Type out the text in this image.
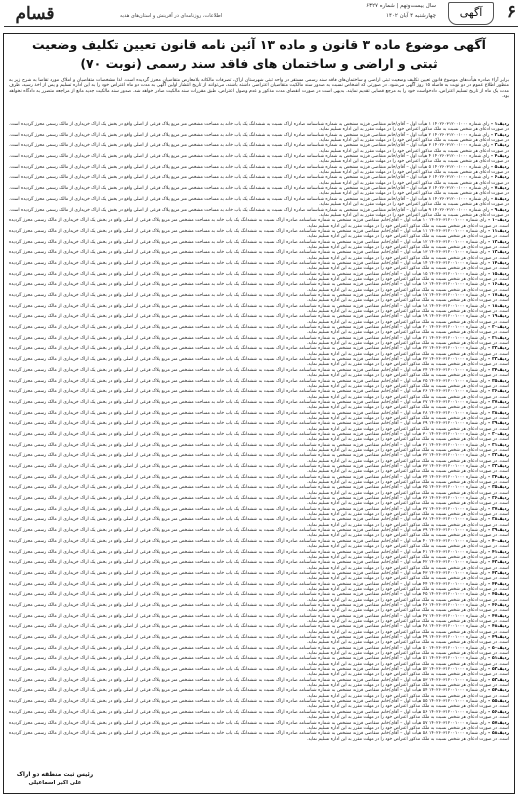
۶
آگهی
سال بیست‌ونهم | شماره ۶۳۲۷
چهارشنبه ۴ آبان ۱۴۰۲
قسام	اطلاعات، روزنامه‌ای در آفرینش و استان‌های هدیه
آگهی موضوع ماده ۳ قانون و ماده ۱۳ آئین نامه قانون تعیین تکلیف وضعیت
ثبتی و اراضی و ساختمان های فاقد سند رسمی (نوبت ۷۰)
برابر آراء صادره هیأت‌های موضوع قانون تعیین تکلیف وضعیت ثبتی اراضی و ساختمان‌های فاقد سند رسمی مستقر در واحد ثبتی شهرستان اراک، تصرفات مالکانه بلامعارض متقاضیان محرز گردیده است. لذا مشخصات متقاضیان و املاک مورد تقاضا به شرح زیر به منظور اطلاع عموم در دو نوبت به فاصله ۱۵ روز آگهی می‌شود. در صورتی که اشخاص نسبت به صدور سند مالکیت متقاضیان اعتراضی داشته باشند، می‌توانند از تاریخ انتشار اولین آگهی به مدت دو ماه اعتراض خود را به این اداره تسلیم و پس از اخذ رسید، ظرف مدت یک ماه از تاریخ تسلیم اعتراض، دادخواست خود را به مرجع قضایی تقدیم نمایند. بدیهی است در صورت انقضای مدت مذکور و عدم وصول اعتراض، طبق مقررات سند مالکیت صادر خواهد شد. صدور سند مالکیت جدید مانع از مراجعه متضرر به دادگاه نخواهد بود.

ردیف۱ – رای شماره ۱۴۰۲۶۰۳۱۲۰۰۱۰۰۰ ۱ هیأت اول – آقای/خانم متقاضی فرزند مشخص به شماره شناسنامه صادره اراک نسبت به ششدانگ یک باب خانه به مساحت مشخص متر مربع پلاک فرعی از اصلی واقع در بخش یک اراک خریداری از مالک رسمی محرز گردیده است. در صورت ادعای هر شخص نسبت به ملک مذکور اعتراض خود را در مهلت مقرر به این اداره تسلیم نماید.

ردیف۲ – رای شماره ۱۴۰۲۶۰۳۱۲۰۰۱۰۰۰ ۲ هیأت اول – آقای/خانم متقاضی فرزند مشخص به شماره شناسنامه صادره اراک نسبت به ششدانگ یک باب خانه به مساحت مشخص متر مربع پلاک فرعی از اصلی واقع در بخش یک اراک خریداری از مالک رسمی محرز گردیده است. در صورت ادعای هر شخص نسبت به ملک مذکور اعتراض خود را در مهلت مقرر به این اداره تسلیم نماید.

ردیف۳ – رای شماره ۱۴۰۲۶۰۳۱۲۰۰۱۰۰۰ ۳ هیأت اول – آقای/خانم متقاضی فرزند مشخص به شماره شناسنامه صادره اراک نسبت به ششدانگ یک باب خانه به مساحت مشخص متر مربع پلاک فرعی از اصلی واقع در بخش یک اراک خریداری از مالک رسمی محرز گردیده است. در صورت ادعای هر شخص نسبت به ملک مذکور اعتراض خود را در مهلت مقرر به این اداره تسلیم نماید.

ردیف۴ – رای شماره ۱۴۰۲۶۰۳۱۲۰۰۱۰۰۰ ۴ هیأت اول – آقای/خانم متقاضی فرزند مشخص به شماره شناسنامه صادره اراک نسبت به ششدانگ یک باب خانه به مساحت مشخص متر مربع پلاک فرعی از اصلی واقع در بخش یک اراک خریداری از مالک رسمی محرز گردیده است. در صورت ادعای هر شخص نسبت به ملک مذکور اعتراض خود را در مهلت مقرر به این اداره تسلیم نماید.

ردیف۵ – رای شماره ۱۴۰۲۶۰۳۱۲۰۰۱۰۰۰ ۵ هیأت اول – آقای/خانم متقاضی فرزند مشخص به شماره شناسنامه صادره اراک نسبت به ششدانگ یک باب خانه به مساحت مشخص متر مربع پلاک فرعی از اصلی واقع در بخش یک اراک خریداری از مالک رسمی محرز گردیده است. در صورت ادعای هر شخص نسبت به ملک مذکور اعتراض خود را در مهلت مقرر به این اداره تسلیم نماید.

ردیف۶ – رای شماره ۱۴۰۲۶۰۳۱۲۰۰۱۰۰۰ ۶ هیأت اول – آقای/خانم متقاضی فرزند مشخص به شماره شناسنامه صادره اراک نسبت به ششدانگ یک باب خانه به مساحت مشخص متر مربع پلاک فرعی از اصلی واقع در بخش یک اراک خریداری از مالک رسمی محرز گردیده است. در صورت ادعای هر شخص نسبت به ملک مذکور اعتراض خود را در مهلت مقرر به این اداره تسلیم نماید.

ردیف۷ – رای شماره ۱۴۰۲۶۰۳۱۲۰۰۱۰۰۰ ۷ هیأت اول – آقای/خانم متقاضی فرزند مشخص به شماره شناسنامه صادره اراک نسبت به ششدانگ یک باب خانه به مساحت مشخص متر مربع پلاک فرعی از اصلی واقع در بخش یک اراک خریداری از مالک رسمی محرز گردیده است. در صورت ادعای هر شخص نسبت به ملک مذکور اعتراض خود را در مهلت مقرر به این اداره تسلیم نماید.

ردیف۸ – رای شماره ۱۴۰۲۶۰۳۱۲۰۰۱۰۰۰ ۸ هیأت اول – آقای/خانم متقاضی فرزند مشخص به شماره شناسنامه صادره اراک نسبت به ششدانگ یک باب خانه به مساحت مشخص متر مربع پلاک فرعی از اصلی واقع در بخش یک اراک خریداری از مالک رسمی محرز گردیده است. در صورت ادعای هر شخص نسبت به ملک مذکور اعتراض خود را در مهلت مقرر به این اداره تسلیم نماید.

ردیف۹ – رای شماره ۱۴۰۲۶۰۳۱۲۰۰۱۰۰۰ ۹ هیأت اول – آقای/خانم متقاضی فرزند مشخص به شماره شناسنامه صادره اراک نسبت به ششدانگ یک باب خانه به مساحت مشخص متر مربع پلاک فرعی از اصلی واقع در بخش یک اراک خریداری از مالک رسمی محرز گردیده است. در صورت ادعای هر شخص نسبت به ملک مذکور اعتراض خود را در مهلت مقرر به این اداره تسلیم نماید.

ردیف۱۰ – رای شماره ۱۴۰۲۶۰۳۱۲۰۰۱۰۰۰ ۱۰ هیأت اول – آقای/خانم متقاضی فرزند مشخص به شماره شناسنامه صادره اراک نسبت به ششدانگ یک باب خانه به مساحت مشخص متر مربع پلاک فرعی از اصلی واقع در بخش یک اراک خریداری از مالک رسمی محرز گردیده است. در صورت ادعای هر شخص نسبت به ملک مذکور اعتراض خود را در مهلت مقرر به این اداره تسلیم نماید.

ردیف۱۱ – رای شماره ۱۴۰۲۶۰۳۱۲۰۰۱۰۰۰ ۱۱ هیأت اول – آقای/خانم متقاضی فرزند مشخص به شماره شناسنامه صادره اراک نسبت به ششدانگ یک باب خانه به مساحت مشخص متر مربع پلاک فرعی از اصلی واقع در بخش یک اراک خریداری از مالک رسمی محرز گردیده است. در صورت ادعای هر شخص نسبت به ملک مذکور اعتراض خود را در مهلت مقرر به این اداره تسلیم نماید.

ردیف۱۲ – رای شماره ۱۴۰۲۶۰۳۱۲۰۰۱۰۰۰ ۱۲ هیأت اول – آقای/خانم متقاضی فرزند مشخص به شماره شناسنامه صادره اراک نسبت به ششدانگ یک باب خانه به مساحت مشخص متر مربع پلاک فرعی از اصلی واقع در بخش یک اراک خریداری از مالک رسمی محرز گردیده است. در صورت ادعای هر شخص نسبت به ملک مذکور اعتراض خود را در مهلت مقرر به این اداره تسلیم نماید.

ردیف۱۳ – رای شماره ۱۴۰۲۶۰۳۱۲۰۰۱۰۰۰ ۱۳ هیأت اول – آقای/خانم متقاضی فرزند مشخص به شماره شناسنامه صادره اراک نسبت به ششدانگ یک باب خانه به مساحت مشخص متر مربع پلاک فرعی از اصلی واقع در بخش یک اراک خریداری از مالک رسمی محرز گردیده است. در صورت ادعای هر شخص نسبت به ملک مذکور اعتراض خود را در مهلت مقرر به این اداره تسلیم نماید.

ردیف۱۴ – رای شماره ۱۴۰۲۶۰۳۱۲۰۰۱۰۰۰ ۱۴ هیأت اول – آقای/خانم متقاضی فرزند مشخص به شماره شناسنامه صادره اراک نسبت به ششدانگ یک باب خانه به مساحت مشخص متر مربع پلاک فرعی از اصلی واقع در بخش یک اراک خریداری از مالک رسمی محرز گردیده است. در صورت ادعای هر شخص نسبت به ملک مذکور اعتراض خود را در مهلت مقرر به این اداره تسلیم نماید.

ردیف۱۵ – رای شماره ۱۴۰۲۶۰۳۱۲۰۰۱۰۰۰ ۱۵ هیأت اول – آقای/خانم متقاضی فرزند مشخص به شماره شناسنامه صادره اراک نسبت به ششدانگ یک باب خانه به مساحت مشخص متر مربع پلاک فرعی از اصلی واقع در بخش یک اراک خریداری از مالک رسمی محرز گردیده است. در صورت ادعای هر شخص نسبت به ملک مذکور اعتراض خود را در مهلت مقرر به این اداره تسلیم نماید.

ردیف۱۶ – رای شماره ۱۴۰۲۶۰۳۱۲۰۰۱۰۰۰ ۱۶ هیأت اول – آقای/خانم متقاضی فرزند مشخص به شماره شناسنامه صادره اراک نسبت به ششدانگ یک باب خانه به مساحت مشخص متر مربع پلاک فرعی از اصلی واقع در بخش یک اراک خریداری از مالک رسمی محرز گردیده است. در صورت ادعای هر شخص نسبت به ملک مذکور اعتراض خود را در مهلت مقرر به این اداره تسلیم نماید.

ردیف۱۷ – رای شماره ۱۴۰۲۶۰۳۱۲۰۰۱۰۰۰ ۱۷ هیأت اول – آقای/خانم متقاضی فرزند مشخص به شماره شناسنامه صادره اراک نسبت به ششدانگ یک باب خانه به مساحت مشخص متر مربع پلاک فرعی از اصلی واقع در بخش یک اراک خریداری از مالک رسمی محرز گردیده است. در صورت ادعای هر شخص نسبت به ملک مذکور اعتراض خود را در مهلت مقرر به این اداره تسلیم نماید.

ردیف۱۸ – رای شماره ۱۴۰۲۶۰۳۱۲۰۰۱۰۰۰ ۱۸ هیأت اول – آقای/خانم متقاضی فرزند مشخص به شماره شناسنامه صادره اراک نسبت به ششدانگ یک باب خانه به مساحت مشخص متر مربع پلاک فرعی از اصلی واقع در بخش یک اراک خریداری از مالک رسمی محرز گردیده است. در صورت ادعای هر شخص نسبت به ملک مذکور اعتراض خود را در مهلت مقرر به این اداره تسلیم نماید.

ردیف۱۹ – رای شماره ۱۴۰۲۶۰۳۱۲۰۰۱۰۰۰ ۱۹ هیأت اول – آقای/خانم متقاضی فرزند مشخص به شماره شناسنامه صادره اراک نسبت به ششدانگ یک باب خانه به مساحت مشخص متر مربع پلاک فرعی از اصلی واقع در بخش یک اراک خریداری از مالک رسمی محرز گردیده است. در صورت ادعای هر شخص نسبت به ملک مذکور اعتراض خود را در مهلت مقرر به این اداره تسلیم نماید.

ردیف۲۰ – رای شماره ۱۴۰۲۶۰۳۱۲۰۰۱۰۰۰ ۲۰ هیأت اول – آقای/خانم متقاضی فرزند مشخص به شماره شناسنامه صادره اراک نسبت به ششدانگ یک باب خانه به مساحت مشخص متر مربع پلاک فرعی از اصلی واقع در بخش یک اراک خریداری از مالک رسمی محرز گردیده است. در صورت ادعای هر شخص نسبت به ملک مذکور اعتراض خود را در مهلت مقرر به این اداره تسلیم نماید.

ردیف۲۱ – رای شماره ۱۴۰۲۶۰۳۱۲۰۰۱۰۰۰ ۲۱ هیأت اول – آقای/خانم متقاضی فرزند مشخص به شماره شناسنامه صادره اراک نسبت به ششدانگ یک باب خانه به مساحت مشخص متر مربع پلاک فرعی از اصلی واقع در بخش یک اراک خریداری از مالک رسمی محرز گردیده است. در صورت ادعای هر شخص نسبت به ملک مذکور اعتراض خود را در مهلت مقرر به این اداره تسلیم نماید.

ردیف۲۲ – رای شماره ۱۴۰۲۶۰۳۱۲۰۰۱۰۰۰ ۲۲ هیأت اول – آقای/خانم متقاضی فرزند مشخص به شماره شناسنامه صادره اراک نسبت به ششدانگ یک باب خانه به مساحت مشخص متر مربع پلاک فرعی از اصلی واقع در بخش یک اراک خریداری از مالک رسمی محرز گردیده است. در صورت ادعای هر شخص نسبت به ملک مذکور اعتراض خود را در مهلت مقرر به این اداره تسلیم نماید.

ردیف۲۳ – رای شماره ۱۴۰۲۶۰۳۱۲۰۰۱۰۰۰ ۲۳ هیأت اول – آقای/خانم متقاضی فرزند مشخص به شماره شناسنامه صادره اراک نسبت به ششدانگ یک باب خانه به مساحت مشخص متر مربع پلاک فرعی از اصلی واقع در بخش یک اراک خریداری از مالک رسمی محرز گردیده است. در صورت ادعای هر شخص نسبت به ملک مذکور اعتراض خود را در مهلت مقرر به این اداره تسلیم نماید.

ردیف۲۴ – رای شماره ۱۴۰۲۶۰۳۱۲۰۰۱۰۰۰ ۲۴ هیأت اول – آقای/خانم متقاضی فرزند مشخص به شماره شناسنامه صادره اراک نسبت به ششدانگ یک باب خانه به مساحت مشخص متر مربع پلاک فرعی از اصلی واقع در بخش یک اراک خریداری از مالک رسمی محرز گردیده است. در صورت ادعای هر شخص نسبت به ملک مذکور اعتراض خود را در مهلت مقرر به این اداره تسلیم نماید.

ردیف۲۵ – رای شماره ۱۴۰۲۶۰۳۱۲۰۰۱۰۰۰ ۲۵ هیأت اول – آقای/خانم متقاضی فرزند مشخص به شماره شناسنامه صادره اراک نسبت به ششدانگ یک باب خانه به مساحت مشخص متر مربع پلاک فرعی از اصلی واقع در بخش یک اراک خریداری از مالک رسمی محرز گردیده است. در صورت ادعای هر شخص نسبت به ملک مذکور اعتراض خود را در مهلت مقرر به این اداره تسلیم نماید.

ردیف۲۶ – رای شماره ۱۴۰۲۶۰۳۱۲۰۰۱۰۰۰ ۲۶ هیأت اول – آقای/خانم متقاضی فرزند مشخص به شماره شناسنامه صادره اراک نسبت به ششدانگ یک باب خانه به مساحت مشخص متر مربع پلاک فرعی از اصلی واقع در بخش یک اراک خریداری از مالک رسمی محرز گردیده است. در صورت ادعای هر شخص نسبت به ملک مذکور اعتراض خود را در مهلت مقرر به این اداره تسلیم نماید.

ردیف۲۷ – رای شماره ۱۴۰۲۶۰۳۱۲۰۰۱۰۰۰ ۲۷ هیأت اول – آقای/خانم متقاضی فرزند مشخص به شماره شناسنامه صادره اراک نسبت به ششدانگ یک باب خانه به مساحت مشخص متر مربع پلاک فرعی از اصلی واقع در بخش یک اراک خریداری از مالک رسمی محرز گردیده است. در صورت ادعای هر شخص نسبت به ملک مذکور اعتراض خود را در مهلت مقرر به این اداره تسلیم نماید.

ردیف۲۸ – رای شماره ۱۴۰۲۶۰۳۱۲۰۰۱۰۰۰ ۲۸ هیأت اول – آقای/خانم متقاضی فرزند مشخص به شماره شناسنامه صادره اراک نسبت به ششدانگ یک باب خانه به مساحت مشخص متر مربع پلاک فرعی از اصلی واقع در بخش یک اراک خریداری از مالک رسمی محرز گردیده است. در صورت ادعای هر شخص نسبت به ملک مذکور اعتراض خود را در مهلت مقرر به این اداره تسلیم نماید.

ردیف۲۹ – رای شماره ۱۴۰۲۶۰۳۱۲۰۰۱۰۰۰ ۲۹ هیأت اول – آقای/خانم متقاضی فرزند مشخص به شماره شناسنامه صادره اراک نسبت به ششدانگ یک باب خانه به مساحت مشخص متر مربع پلاک فرعی از اصلی واقع در بخش یک اراک خریداری از مالک رسمی محرز گردیده است. در صورت ادعای هر شخص نسبت به ملک مذکور اعتراض خود را در مهلت مقرر به این اداره تسلیم نماید.

ردیف۳۰ – رای شماره ۱۴۰۲۶۰۳۱۲۰۰۱۰۰۰ ۳۰ هیأت اول – آقای/خانم متقاضی فرزند مشخص به شماره شناسنامه صادره اراک نسبت به ششدانگ یک باب خانه به مساحت مشخص متر مربع پلاک فرعی از اصلی واقع در بخش یک اراک خریداری از مالک رسمی محرز گردیده است. در صورت ادعای هر شخص نسبت به ملک مذکور اعتراض خود را در مهلت مقرر به این اداره تسلیم نماید.

ردیف۳۱ – رای شماره ۱۴۰۲۶۰۳۱۲۰۰۱۰۰۰ ۳۱ هیأت اول – آقای/خانم متقاضی فرزند مشخص به شماره شناسنامه صادره اراک نسبت به ششدانگ یک باب خانه به مساحت مشخص متر مربع پلاک فرعی از اصلی واقع در بخش یک اراک خریداری از مالک رسمی محرز گردیده است. در صورت ادعای هر شخص نسبت به ملک مذکور اعتراض خود را در مهلت مقرر به این اداره تسلیم نماید.

ردیف۳۲ – رای شماره ۱۴۰۲۶۰۳۱۲۰۰۱۰۰۰ ۳۲ هیأت اول – آقای/خانم متقاضی فرزند مشخص به شماره شناسنامه صادره اراک نسبت به ششدانگ یک باب خانه به مساحت مشخص متر مربع پلاک فرعی از اصلی واقع در بخش یک اراک خریداری از مالک رسمی محرز گردیده است. در صورت ادعای هر شخص نسبت به ملک مذکور اعتراض خود را در مهلت مقرر به این اداره تسلیم نماید.

ردیف۳۳ – رای شماره ۱۴۰۲۶۰۳۱۲۰۰۱۰۰۰ ۳۳ هیأت اول – آقای/خانم متقاضی فرزند مشخص به شماره شناسنامه صادره اراک نسبت به ششدانگ یک باب خانه به مساحت مشخص متر مربع پلاک فرعی از اصلی واقع در بخش یک اراک خریداری از مالک رسمی محرز گردیده است. در صورت ادعای هر شخص نسبت به ملک مذکور اعتراض خود را در مهلت مقرر به این اداره تسلیم نماید.

ردیف۳۴ – رای شماره ۱۴۰۲۶۰۳۱۲۰۰۱۰۰۰ ۳۴ هیأت اول – آقای/خانم متقاضی فرزند مشخص به شماره شناسنامه صادره اراک نسبت به ششدانگ یک باب خانه به مساحت مشخص متر مربع پلاک فرعی از اصلی واقع در بخش یک اراک خریداری از مالک رسمی محرز گردیده است. در صورت ادعای هر شخص نسبت به ملک مذکور اعتراض خود را در مهلت مقرر به این اداره تسلیم نماید.

ردیف۳۵ – رای شماره ۱۴۰۲۶۰۳۱۲۰۰۱۰۰۰ ۳۵ هیأت اول – آقای/خانم متقاضی فرزند مشخص به شماره شناسنامه صادره اراک نسبت به ششدانگ یک باب خانه به مساحت مشخص متر مربع پلاک فرعی از اصلی واقع در بخش یک اراک خریداری از مالک رسمی محرز گردیده است. در صورت ادعای هر شخص نسبت به ملک مذکور اعتراض خود را در مهلت مقرر به این اداره تسلیم نماید.

ردیف۳۶ – رای شماره ۱۴۰۲۶۰۳۱۲۰۰۱۰۰۰ ۳۶ هیأت اول – آقای/خانم متقاضی فرزند مشخص به شماره شناسنامه صادره اراک نسبت به ششدانگ یک باب خانه به مساحت مشخص متر مربع پلاک فرعی از اصلی واقع در بخش یک اراک خریداری از مالک رسمی محرز گردیده است. در صورت ادعای هر شخص نسبت به ملک مذکور اعتراض خود را در مهلت مقرر به این اداره تسلیم نماید.

ردیف۳۷ – رای شماره ۱۴۰۲۶۰۳۱۲۰۰۱۰۰۰ ۳۷ هیأت اول – آقای/خانم متقاضی فرزند مشخص به شماره شناسنامه صادره اراک نسبت به ششدانگ یک باب خانه به مساحت مشخص متر مربع پلاک فرعی از اصلی واقع در بخش یک اراک خریداری از مالک رسمی محرز گردیده است. در صورت ادعای هر شخص نسبت به ملک مذکور اعتراض خود را در مهلت مقرر به این اداره تسلیم نماید.

ردیف۳۸ – رای شماره ۱۴۰۲۶۰۳۱۲۰۰۱۰۰۰ ۳۸ هیأت اول – آقای/خانم متقاضی فرزند مشخص به شماره شناسنامه صادره اراک نسبت به ششدانگ یک باب خانه به مساحت مشخص متر مربع پلاک فرعی از اصلی واقع در بخش یک اراک خریداری از مالک رسمی محرز گردیده است. در صورت ادعای هر شخص نسبت به ملک مذکور اعتراض خود را در مهلت مقرر به این اداره تسلیم نماید.

ردیف۳۹ – رای شماره ۱۴۰۲۶۰۳۱۲۰۰۱۰۰۰ ۳۹ هیأت اول – آقای/خانم متقاضی فرزند مشخص به شماره شناسنامه صادره اراک نسبت به ششدانگ یک باب خانه به مساحت مشخص متر مربع پلاک فرعی از اصلی واقع در بخش یک اراک خریداری از مالک رسمی محرز گردیده است. در صورت ادعای هر شخص نسبت به ملک مذکور اعتراض خود را در مهلت مقرر به این اداره تسلیم نماید.

ردیف۴۰ – رای شماره ۱۴۰۲۶۰۳۱۲۰۰۱۰۰۰ ۴۰ هیأت اول – آقای/خانم متقاضی فرزند مشخص به شماره شناسنامه صادره اراک نسبت به ششدانگ یک باب خانه به مساحت مشخص متر مربع پلاک فرعی از اصلی واقع در بخش یک اراک خریداری از مالک رسمی محرز گردیده است. در صورت ادعای هر شخص نسبت به ملک مذکور اعتراض خود را در مهلت مقرر به این اداره تسلیم نماید.

ردیف۴۱ – رای شماره ۱۴۰۲۶۰۳۱۲۰۰۱۰۰۰ ۴۱ هیأت اول – آقای/خانم متقاضی فرزند مشخص به شماره شناسنامه صادره اراک نسبت به ششدانگ یک باب خانه به مساحت مشخص متر مربع پلاک فرعی از اصلی واقع در بخش یک اراک خریداری از مالک رسمی محرز گردیده است. در صورت ادعای هر شخص نسبت به ملک مذکور اعتراض خود را در مهلت مقرر به این اداره تسلیم نماید.

ردیف۴۲ – رای شماره ۱۴۰۲۶۰۳۱۲۰۰۱۰۰۰ ۴۲ هیأت اول – آقای/خانم متقاضی فرزند مشخص به شماره شناسنامه صادره اراک نسبت به ششدانگ یک باب خانه به مساحت مشخص متر مربع پلاک فرعی از اصلی واقع در بخش یک اراک خریداری از مالک رسمی محرز گردیده است. در صورت ادعای هر شخص نسبت به ملک مذکور اعتراض خود را در مهلت مقرر به این اداره تسلیم نماید.

ردیف۴۳ – رای شماره ۱۴۰۲۶۰۳۱۲۰۰۱۰۰۰ ۴۳ هیأت اول – آقای/خانم متقاضی فرزند مشخص به شماره شناسنامه صادره اراک نسبت به ششدانگ یک باب خانه به مساحت مشخص متر مربع پلاک فرعی از اصلی واقع در بخش یک اراک خریداری از مالک رسمی محرز گردیده است. در صورت ادعای هر شخص نسبت به ملک مذکور اعتراض خود را در مهلت مقرر به این اداره تسلیم نماید.

ردیف۴۴ – رای شماره ۱۴۰۲۶۰۳۱۲۰۰۱۰۰۰ ۴۴ هیأت اول – آقای/خانم متقاضی فرزند مشخص به شماره شناسنامه صادره اراک نسبت به ششدانگ یک باب خانه به مساحت مشخص متر مربع پلاک فرعی از اصلی واقع در بخش یک اراک خریداری از مالک رسمی محرز گردیده است. در صورت ادعای هر شخص نسبت به ملک مذکور اعتراض خود را در مهلت مقرر به این اداره تسلیم نماید.

ردیف۴۵ – رای شماره ۱۴۰۲۶۰۳۱۲۰۰۱۰۰۰ ۴۵ هیأت اول – آقای/خانم متقاضی فرزند مشخص به شماره شناسنامه صادره اراک نسبت به ششدانگ یک باب خانه به مساحت مشخص متر مربع پلاک فرعی از اصلی واقع در بخش یک اراک خریداری از مالک رسمی محرز گردیده است. در صورت ادعای هر شخص نسبت به ملک مذکور اعتراض خود را در مهلت مقرر به این اداره تسلیم نماید.

ردیف۴۶ – رای شماره ۱۴۰۲۶۰۳۱۲۰۰۱۰۰۰ ۴۶ هیأت اول – آقای/خانم متقاضی فرزند مشخص به شماره شناسنامه صادره اراک نسبت به ششدانگ یک باب خانه به مساحت مشخص متر مربع پلاک فرعی از اصلی واقع در بخش یک اراک خریداری از مالک رسمی محرز گردیده است. در صورت ادعای هر شخص نسبت به ملک مذکور اعتراض خود را در مهلت مقرر به این اداره تسلیم نماید.

ردیف۴۷ – رای شماره ۱۴۰۲۶۰۳۱۲۰۰۱۰۰۰ ۴۷ هیأت اول – آقای/خانم متقاضی فرزند مشخص به شماره شناسنامه صادره اراک نسبت به ششدانگ یک باب خانه به مساحت مشخص متر مربع پلاک فرعی از اصلی واقع در بخش یک اراک خریداری از مالک رسمی محرز گردیده است. در صورت ادعای هر شخص نسبت به ملک مذکور اعتراض خود را در مهلت مقرر به این اداره تسلیم نماید.

ردیف۴۸ – رای شماره ۱۴۰۲۶۰۳۱۲۰۰۱۰۰۰ ۴۸ هیأت اول – آقای/خانم متقاضی فرزند مشخص به شماره شناسنامه صادره اراک نسبت به ششدانگ یک باب خانه به مساحت مشخص متر مربع پلاک فرعی از اصلی واقع در بخش یک اراک خریداری از مالک رسمی محرز گردیده است. در صورت ادعای هر شخص نسبت به ملک مذکور اعتراض خود را در مهلت مقرر به این اداره تسلیم نماید.

ردیف۴۹ – رای شماره ۱۴۰۲۶۰۳۱۲۰۰۱۰۰۰ ۴۹ هیأت اول – آقای/خانم متقاضی فرزند مشخص به شماره شناسنامه صادره اراک نسبت به ششدانگ یک باب خانه به مساحت مشخص متر مربع پلاک فرعی از اصلی واقع در بخش یک اراک خریداری از مالک رسمی محرز گردیده است. در صورت ادعای هر شخص نسبت به ملک مذکور اعتراض خود را در مهلت مقرر به این اداره تسلیم نماید.

ردیف۵۰ – رای شماره ۱۴۰۲۶۰۳۱۲۰۰۱۰۰۰ ۵۰ هیأت اول – آقای/خانم متقاضی فرزند مشخص به شماره شناسنامه صادره اراک نسبت به ششدانگ یک باب خانه به مساحت مشخص متر مربع پلاک فرعی از اصلی واقع در بخش یک اراک خریداری از مالک رسمی محرز گردیده است. در صورت ادعای هر شخص نسبت به ملک مذکور اعتراض خود را در مهلت مقرر به این اداره تسلیم نماید.

ردیف۵۱ – رای شماره ۱۴۰۲۶۰۳۱۲۰۰۱۰۰۰ ۵۱ هیأت اول – آقای/خانم متقاضی فرزند مشخص به شماره شناسنامه صادره اراک نسبت به ششدانگ یک باب خانه به مساحت مشخص متر مربع پلاک فرعی از اصلی واقع در بخش یک اراک خریداری از مالک رسمی محرز گردیده است. در صورت ادعای هر شخص نسبت به ملک مذکور اعتراض خود را در مهلت مقرر به این اداره تسلیم نماید.

ردیف۵۲ – رای شماره ۱۴۰۲۶۰۳۱۲۰۰۱۰۰۰ ۵۲ هیأت اول – آقای/خانم متقاضی فرزند مشخص به شماره شناسنامه صادره اراک نسبت به ششدانگ یک باب خانه به مساحت مشخص متر مربع پلاک فرعی از اصلی واقع در بخش یک اراک خریداری از مالک رسمی محرز گردیده است. در صورت ادعای هر شخص نسبت به ملک مذکور اعتراض خود را در مهلت مقرر به این اداره تسلیم نماید.

ردیف۵۳ – رای شماره ۱۴۰۲۶۰۳۱۲۰۰۱۰۰۰ ۵۳ هیأت اول – آقای/خانم متقاضی فرزند مشخص به شماره شناسنامه صادره اراک نسبت به ششدانگ یک باب خانه به مساحت مشخص متر مربع پلاک فرعی از اصلی واقع در بخش یک اراک خریداری از مالک رسمی محرز گردیده است. در صورت ادعای هر شخص نسبت به ملک مذکور اعتراض خود را در مهلت مقرر به این اداره تسلیم نماید.

ردیف۵۴ – رای شماره ۱۴۰۲۶۰۳۱۲۰۰۱۰۰۰ ۵۴ هیأت اول – آقای/خانم متقاضی فرزند مشخص به شماره شناسنامه صادره اراک نسبت به ششدانگ یک باب خانه به مساحت مشخص متر مربع پلاک فرعی از اصلی واقع در بخش یک اراک خریداری از مالک رسمی محرز گردیده است. در صورت ادعای هر شخص نسبت به ملک مذکور اعتراض خود را در مهلت مقرر به این اداره تسلیم نماید.

ردیف۵۵ – رای شماره ۱۴۰۲۶۰۳۱۲۰۰۱۰۰۰ ۵۵ هیأت اول – آقای/خانم متقاضی فرزند مشخص به شماره شناسنامه صادره اراک نسبت به ششدانگ یک باب خانه به مساحت مشخص متر مربع پلاک فرعی از اصلی واقع در بخش یک اراک خریداری از مالک رسمی محرز گردیده است. در صورت ادعای هر شخص نسبت به ملک مذکور اعتراض خود را در مهلت مقرر به این اداره تسلیم نماید.

ردیف۵۶ – رای شماره ۱۴۰۲۶۰۳۱۲۰۰۱۰۰۰ ۵۶ هیأت اول – آقای/خانم متقاضی فرزند مشخص به شماره شناسنامه صادره اراک نسبت به ششدانگ یک باب خانه به مساحت مشخص متر مربع پلاک فرعی از اصلی واقع در بخش یک اراک خریداری از مالک رسمی محرز گردیده است. در صورت ادعای هر شخص نسبت به ملک مذکور اعتراض خود را در مهلت مقرر به این اداره تسلیم نماید.

ردیف۵۷ – رای شماره ۱۴۰۲۶۰۳۱۲۰۰۱۰۰۰ ۵۷ هیأت اول – آقای/خانم متقاضی فرزند مشخص به شماره شناسنامه صادره اراک نسبت به ششدانگ یک باب خانه به مساحت مشخص متر مربع پلاک فرعی از اصلی واقع در بخش یک اراک خریداری از مالک رسمی محرز گردیده است. در صورت ادعای هر شخص نسبت به ملک مذکور اعتراض خود را در مهلت مقرر به این اداره تسلیم نماید.

ردیف۵۸ – رای شماره ۱۴۰۲۶۰۳۱۲۰۰۱۰۰۰ ۵۸ هیأت اول – آقای/خانم متقاضی فرزند مشخص به شماره شناسنامه صادره اراک نسبت به ششدانگ یک باب خانه به مساحت مشخص متر مربع پلاک فرعی از اصلی واقع در بخش یک اراک خریداری از مالک رسمی محرز گردیده است. در صورت ادعای هر شخص نسبت به ملک مذکور اعتراض خود را در مهلت مقرر به این اداره تسلیم نماید.

رئیس ثبت منطقه دو اراک
علی اکبر اسماعیلی
